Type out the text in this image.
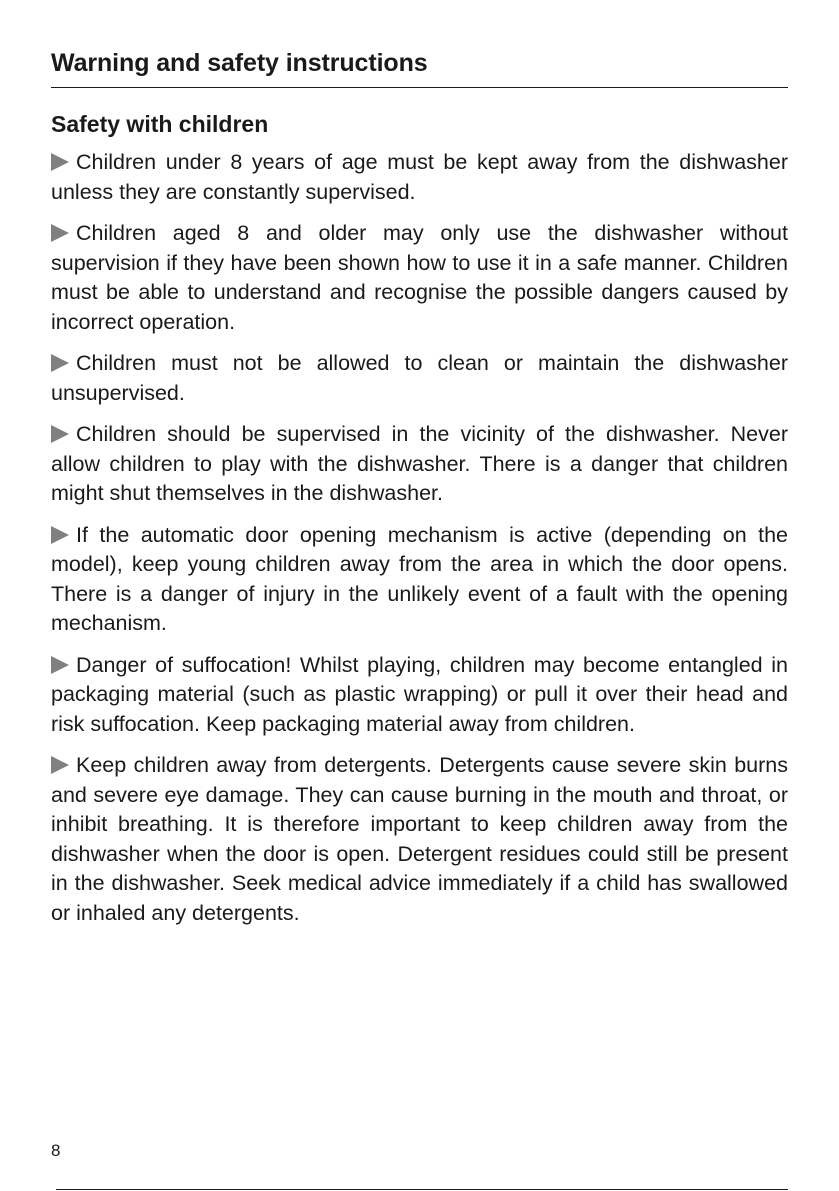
Warning and safety instructions
Safety with children
Children under 8 years of age must be kept away from the dishwasher unless they are constantly supervised.
Children aged 8 and older may only use the dishwasher without supervision if they have been shown how to use it in a safe manner. Children must be able to understand and recognise the possible dangers caused by incorrect operation.
Children must not be allowed to clean or maintain the dishwasher unsupervised.
Children should be supervised in the vicinity of the dishwasher. Never allow children to play with the dishwasher. There is a danger that children might shut themselves in the dishwasher.
If the automatic door opening mechanism is active (depending on the model), keep young children away from the area in which the door opens. There is a danger of injury in the unlikely event of a fault with the opening mechanism.
Danger of suffocation! Whilst playing, children may become entangled in packaging material (such as plastic wrapping) or pull it over their head and risk suffocation. Keep packaging material away from children.
Keep children away from detergents. Detergents cause severe skin burns and severe eye damage. They can cause burning in the mouth and throat, or inhibit breathing. It is therefore important to keep children away from the dishwasher when the door is open. Detergent residues could still be present in the dishwasher. Seek medical advice immediately if a child has swallowed or inhaled any detergents.
8
